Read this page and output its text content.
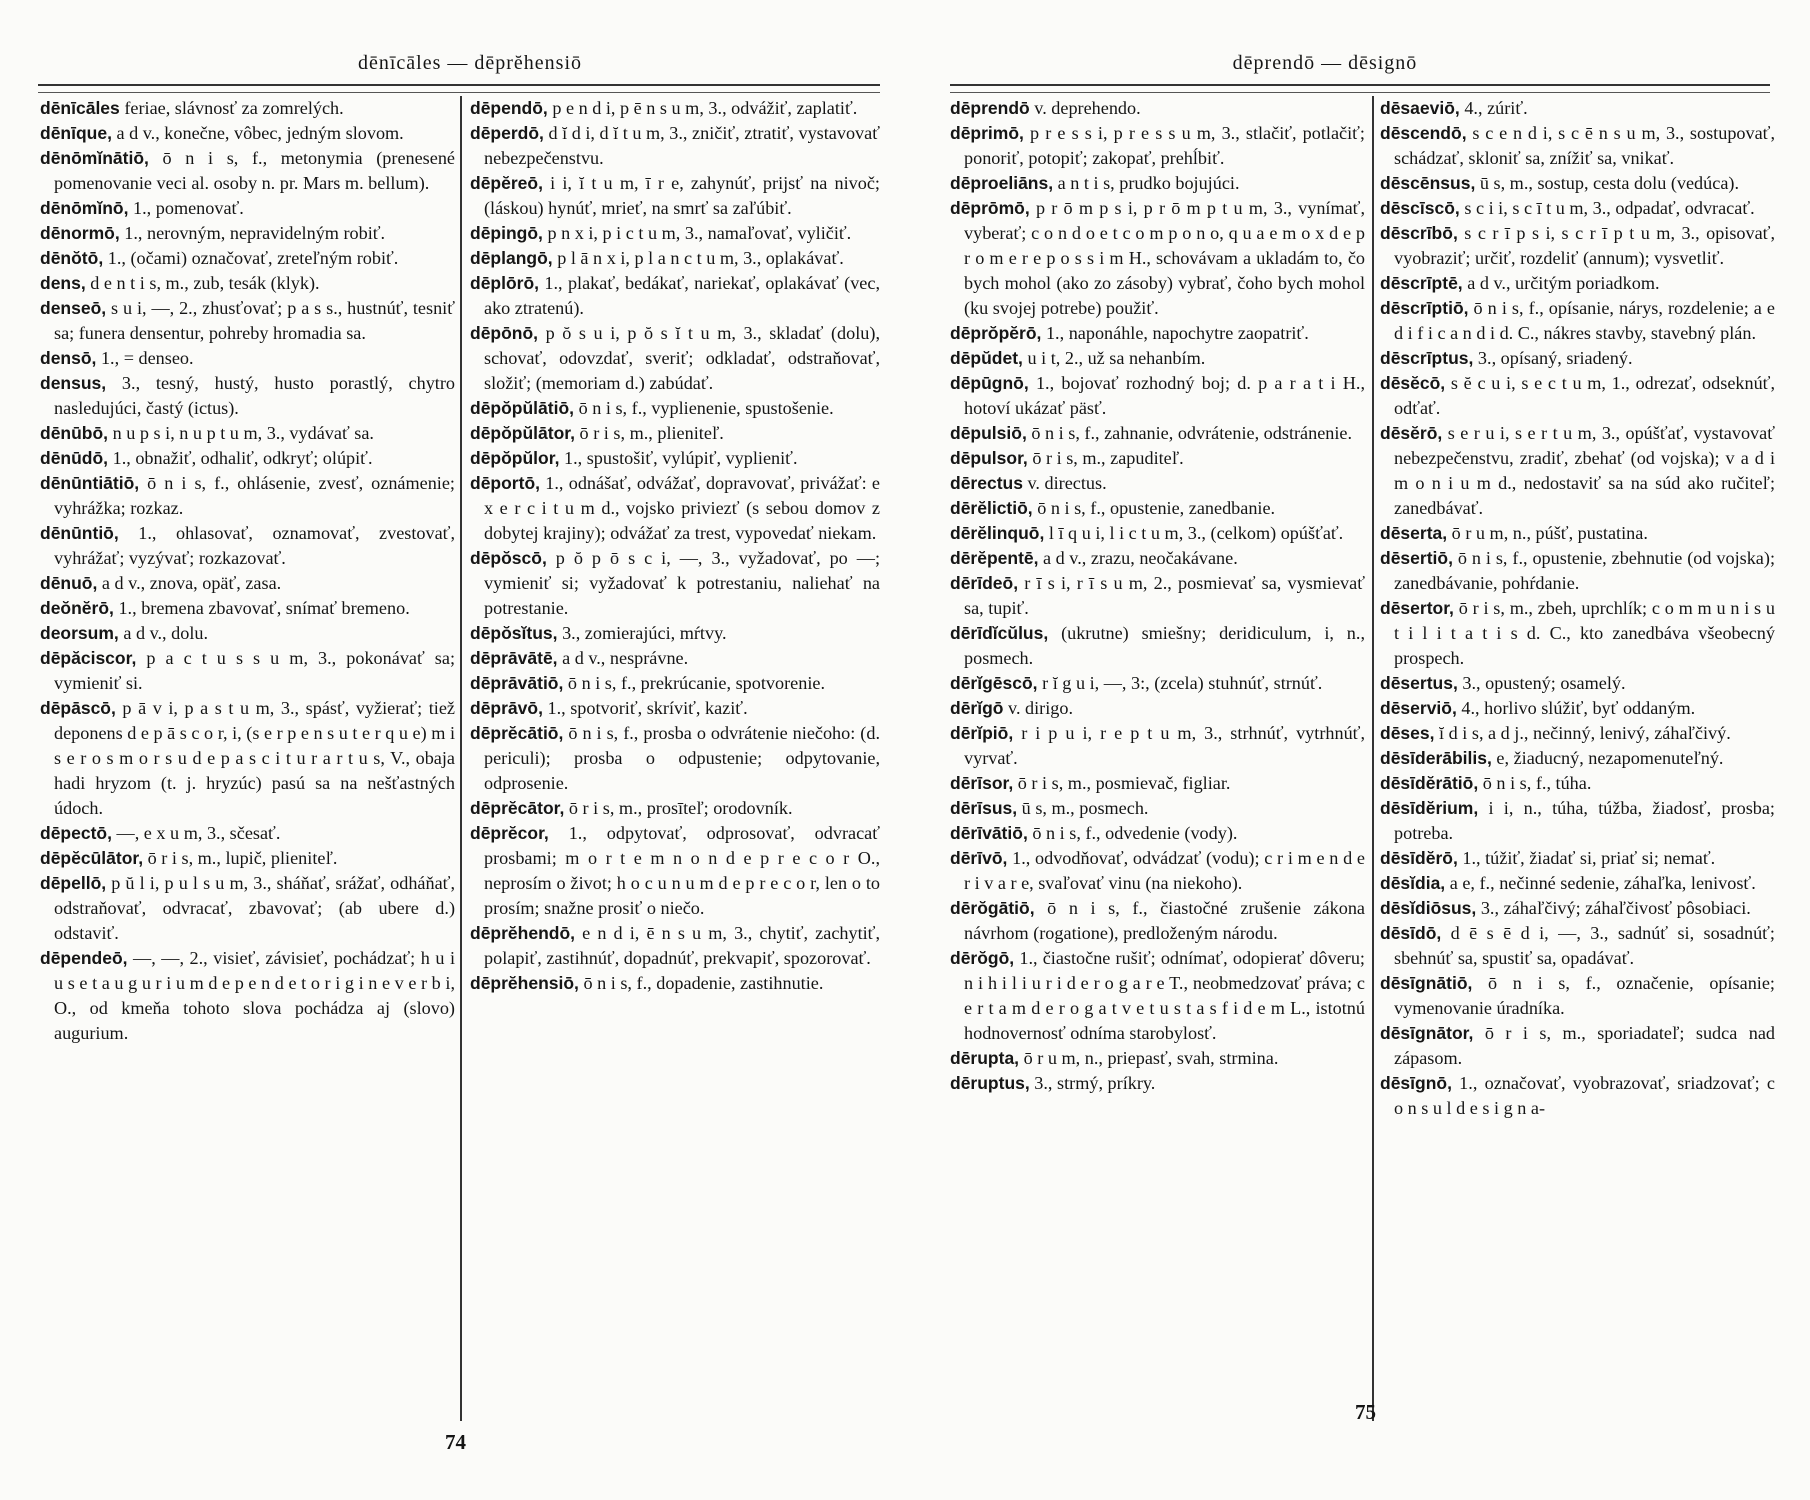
dēnīcāles — dēprĕhensiō

dēnīcāles feriae, slávnosť za zomrelých.

dēnīque, a d v., konečne, vôbec, jedným slovom.

dēnōmĭnātiō, ō n i s, f., metonymia (prenesené pomenovanie veci al. osoby n. pr. Mars m. bellum).

dēnōmĭnō, 1., pomenovať.

dēnormō, 1., nerovným, nepravidelným robiť.

dēnŏtō, 1., (očami) označovať, zreteľným robiť.

dens, d e n t i s, m., zub, tesák (klyk).

denseō, s u i, —, 2., zhusťovať; p a s s., hustnúť, tesniť sa; funera densentur, pohreby hromadia sa.

densō, 1., = denseo.

densus, 3., tesný, hustý, husto porastlý, chytro nasledujúci, častý (ictus).

dēnūbō, n u p s i, n u p t u m, 3., vydávať sa.

dēnūdō, 1., obnažiť, odhaliť, odkryť; olúpiť.

dēnūntiātiō, ō n i s, f., ohlásenie, zvesť, oznámenie; vyhrážka; rozkaz.

dēnūntiō, 1., ohlasovať, oznamovať, zvestovať, vyhrážať; vyzývať; rozkazovať.

dēnuō, a d v., znova, opäť, zasa.

deŏnĕrō, 1., bremena zbavovať, snímať bremeno.

deorsum, a d v., dolu.

dēpăciscor, p a c t u s s u m, 3., pokonávať sa; vymieniť si.

dēpāscō, p ā v i, p a s t u m, 3., spásť, vyžierať; tiež deponens d e p ā s c o r, i, (s e r p e n s u t e r q u e) m i s e r o s m o r s u d e p a s c i t u r a r t u s, V., obaja hadi hryzom (t. j. hryzúc) pasú sa na nešťastných údoch.

dēpectō, —, e x u m, 3., sčesať.

dēpĕcūlātor, ō r i s, m., lupič, plieniteľ.

dēpellō, p ŭ l i, p u l s u m, 3., sháňať, srážať, odháňať, odstraňovať, odvracať, zbavovať; (ab ubere d.) odstaviť.

dēpendeō, —, —, 2., visieť, závisieť, pochádzať; h u i u s e t a u g u r i u m d e p e n d e t o r i g i n e v e r b i, O., od kmeňa tohoto slova pochádza aj (slovo) augurium.

dēpendō, p e n d i, p ē n s u m, 3., odvážiť, zaplatiť.

dēperdō, d ĭ d i, d ĭ t u m, 3., zničiť, ztratiť, vystavovať nebezpečenstvu.

dēpĕreō, i i, ĭ t u m, ī r e, zahynúť, prijsť na nivoč; (láskou) hynúť, mrieť, na smrť sa zaľúbiť.

dēpingō, p n x i, p i c t u m, 3., namaľovať, vyličiť.

dēplangō, p l ā n x i, p l a n c t u m, 3., oplakávať.

dēplōrō, 1., plakať, bedákať, nariekať, oplakávať (vec, ako ztratenú).

dēpōnō, p ŏ s u i, p ŏ s ĭ t u m, 3., skladať (dolu), schovať, odovzdať, sveriť; odkladať, odstraňovať, složiť; (memoriam d.) zabúdať.

dēpŏpŭlātiō, ō n i s, f., vyplienenie, spustošenie.

dēpŏpŭlātor, ō r i s, m., plieniteľ.

dēpŏpŭlor, 1., spustošiť, vylúpiť, vyplieniť.

dēportō, 1., odnášať, odvážať, dopravovať, privážať: e x e r c i t u m d., vojsko priviezť (s sebou domov z dobytej krajiny); odvážať za trest, vypovedať niekam.

dēpŏscō, p ŏ p ō s c i, —, 3., vyžadovať, po —; vymieniť si; vyžadovať k potrestaniu, naliehať na potrestanie.

dēpŏsĭtus, 3., zomierajúci, mŕtvy.

dēprāvātē, a d v., nesprávne.

dēprāvātiō, ō n i s, f., prekrúcanie, spotvorenie.

dēprāvō, 1., spotvoriť, skrívіť, kaziť.

dēprĕcātiō, ō n i s, f., prosba o odvrátenie niečoho: (d. periculi); prosba o odpustenie; odpytovanie, odprosenie.

dēprĕcātor, ō r i s, m., prosīteľ; orodovník.

dēprĕcor, 1., odpytovať, odprosovať, odvracať prosbami; m o r t e m n o n d e p r e c o r O., neprosím o život; h o c u n u m d e p r e c o r, len o to prosím; snažne prosiť o niečo.

dēprĕhendō, e n d i, ē n s u m, 3., chytiť, zachytiť, polapiť, zastihnúť, dopadnúť, prekvapiť, spozorovať.

dēprĕhensiō, ō n i s, f., dopadenie, zastihnutie.

74
dēprendō — dēsignō

dēprendō v. deprehendo.

dēprimō, p r e s s i, p r e s s u m, 3., stlačiť, potlačiť; ponoriť, potopiť; zakopať, prehĺbiť.

dēproeliāns, a n t i s, prudko bojujúci.

dēprōmō, p r ō m p s i, p r ō m p t u m, 3., vynímať, vyberať; c o n d o e t c o m p o n o, q u a e m o x d e p r o m e r e p o s s i m H., schovávam a ukladám to, čo bych mohol (ako zo zásoby) vybrať, čoho bych mohol (ku svojej potrebe) použiť.

dēprŏpĕrō, 1., naponáhle, napochytre zaopatriť.

dēpŭdet, u i t, 2., už sa nehanbím.

dēpūgnō, 1., bojovať rozhodný boj; d. p a r a t i H., hotoví ukázať päsť.

dēpulsiō, ō n i s, f., zahnanie, odvrátenie, odstránenie.

dēpulsor, ō r i s, m., zapuditeľ.

dērectus v. directus.

dērĕlictiō, ō n i s, f., opustenie, zanedbanie.

dērĕlinquō, l ī q u i, l i c t u m, 3., (celkom) opúšťať.

dērĕpentē, a d v., zrazu, neočakávane.

dērīdeō, r ī s i, r ī s u m, 2., posmievať sa, vysmievať sa, tupiť.

dērīdĭcŭlus, (ukrutne) smiešny; deridiculum, i, n., posmech.

dērĭgēscō, r ĭ g u i, —, 3:, (zcela) stuhnúť, strnúť.

dērĭgō v. dirigo.

dērĭpiō, r i p u i, r e p t u m, 3., strhnúť, vytrhnúť, vyrvať.

dērīsor, ō r i s, m., posmievač, figliar.

dērīsus, ū s, m., posmech.

dērīvātiō, ō n i s, f., odvedenie (vody).

dērīvō, 1., odvodňovať, odvádzať (vodu); c r i m e n d e r i v a r e, svaľovať vinu (na niekoho).

dērŏgātiō, ō n i s, f., čiastočné zrušenie zákona návrhom (rogatione), predloženým národu.

dērŏgō, 1., čiastočne rušiť; odnímať, odopierať dôveru; n i h i l i u r i d e r o g a r e T., neobmedzovať práva; c e r t a m d e r o g a t v e t u s t a s f i d e m L., istotnú hodnovernosť odníma starobylosť.

dērupta, ō r u m, n., priepasť, svah, strmina.

dēruptus, 3., strmý, príkry.

dēsaeviō, 4., zúriť.

dēscendō, s c e n d i, s c ē n s u m, 3., sostupovať, schádzať, skloniť sa, znížiť sa, vnikať.

dēscēnsus, ū s, m., sostup, cesta dolu (vedúca).

dēscīscō, s c i i, s c ī t u m, 3., odpadať, odvracať.

dēscrībō, s c r ī p s i, s c r ī p t u m, 3., opisovať, vyobraziť; určiť, rozdeliť (annum); vysvetliť.

dēscrīptē, a d v., určitým poriadkom.

dēscrīptiō, ō n i s, f., opísanie, nárys, rozdelenie; a e d i f i c a n d i d. C., nákres stavby, stavebný plán.

dēscrīptus, 3., opísaný, sriadený.

dēsĕcō, s ĕ c u i, s e c t u m, 1., odrezať, odseknúť, odťať.

dēsĕrō, s e r u i, s e r t u m, 3., opúšťať, vystavovať nebezpečenstvu, zradiť, zbehať (od vojska); v a d i m o n i u m d., nedostaviť sa na súd ako ručiteľ; zanedbávať.

dēserta, ō r u m, n., púšť, pustatina.

dēsertiō, ō n i s, f., opustenie, zbehnutie (od vojska); zanedbávanie, pohŕdanie.

dēsertor, ō r i s, m., zbeh, uprchlík; c o m m u n i s u t i l i t a t i s d. C., kto zanedbáva všeobecný prospech.

dēsertus, 3., opustený; osamelý.

dēserviō, 4., horlivo slúžiť, byť oddaným.

dēses, ĭ d i s, a d j., nečinný, lenivý, záhaľčivý.

dēsīderābilis, e, žiaducný, nezapomenuteľný.

dēsīdĕrātiō, ō n i s, f., túha.

dēsīdĕrium, i i, n., túha, túžba, žiadosť, prosba; potreba.

dēsīdĕrō, 1., túžiť, žiadať si, priať si; nemať.

dēsĭdia, a e, f., nečinné sedenie, záhaľka, lenivosť.

dēsĭdiōsus, 3., záhaľčivý; záhaľčivosť pôsobiaci.

dēsīdō, d ē s ē d i, —, 3., sadnúť si, sosadnúť; sbehnúť sa, spustiť sa, opadávať.

dēsīgnātiō, ō n i s, f., označenie, opísanie; vymenovanie úradníka.

dēsīgnātor, ō r i s, m., sporiadateľ; sudca nad zápasom.

dēsīgnō, 1., označovať, vyobrazovať, sriadzovať; c o n s u l d e s i g n a-

75
